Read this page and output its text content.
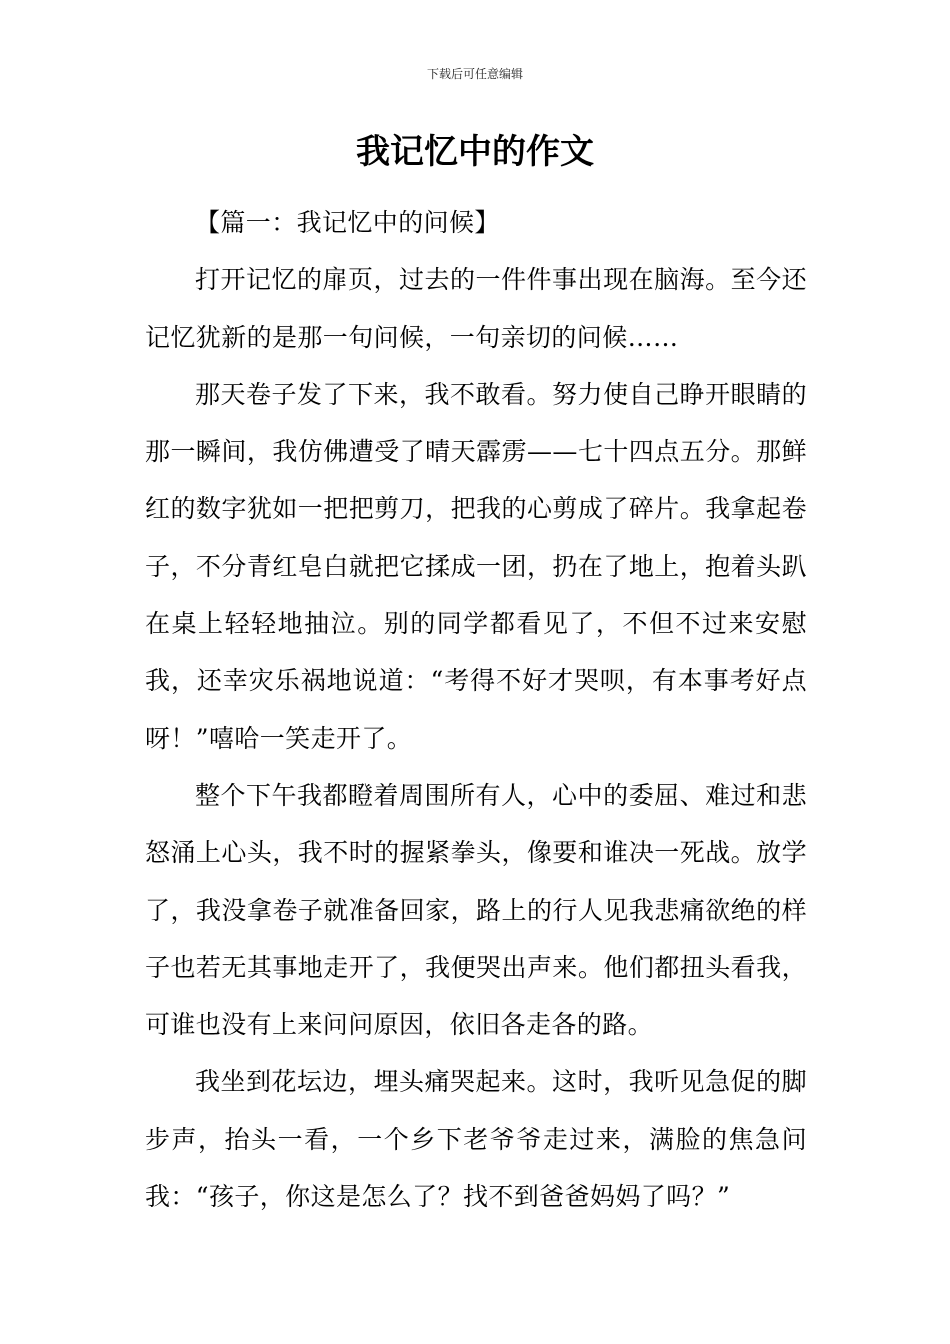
下载后可任意编辑
我记忆中的作文

【篇一：我记忆中的问候】

打开记忆的扉页，过去的一件件事出现在脑海。至今还记忆犹新的是那一句问候，一句亲切的问候……

那天卷子发了下来，我不敢看。努力使自己睁开眼睛的那一瞬间，我仿佛遭受了晴天霹雳——七十四点五分。那鲜红的数字犹如一把把剪刀，把我的心剪成了碎片。我拿起卷子，不分青红皂白就把它揉成一团，扔在了地上，抱着头趴在桌上轻轻地抽泣。别的同学都看见了，不但不过来安慰我，还幸灾乐祸地说道：“考得不好才哭呗，有本事考好点呀！”嘻哈一笑走开了。

整个下午我都瞪着周围所有人，心中的委屈、难过和悲怒涌上心头，我不时的握紧拳头，像要和谁决一死战。放学了，我没拿卷子就准备回家，路上的行人见我悲痛欲绝的样子也若无其事地走开了，我便哭出声来。他们都扭头看我，可谁也没有上来问问原因，依旧各走各的路。

我坐到花坛边，埋头痛哭起来。这时，我听见急促的脚步声，抬头一看，一个乡下老爷爷走过来，满脸的焦急问我：“孩子，你这是怎么了？找不到爸爸妈妈了吗？”
